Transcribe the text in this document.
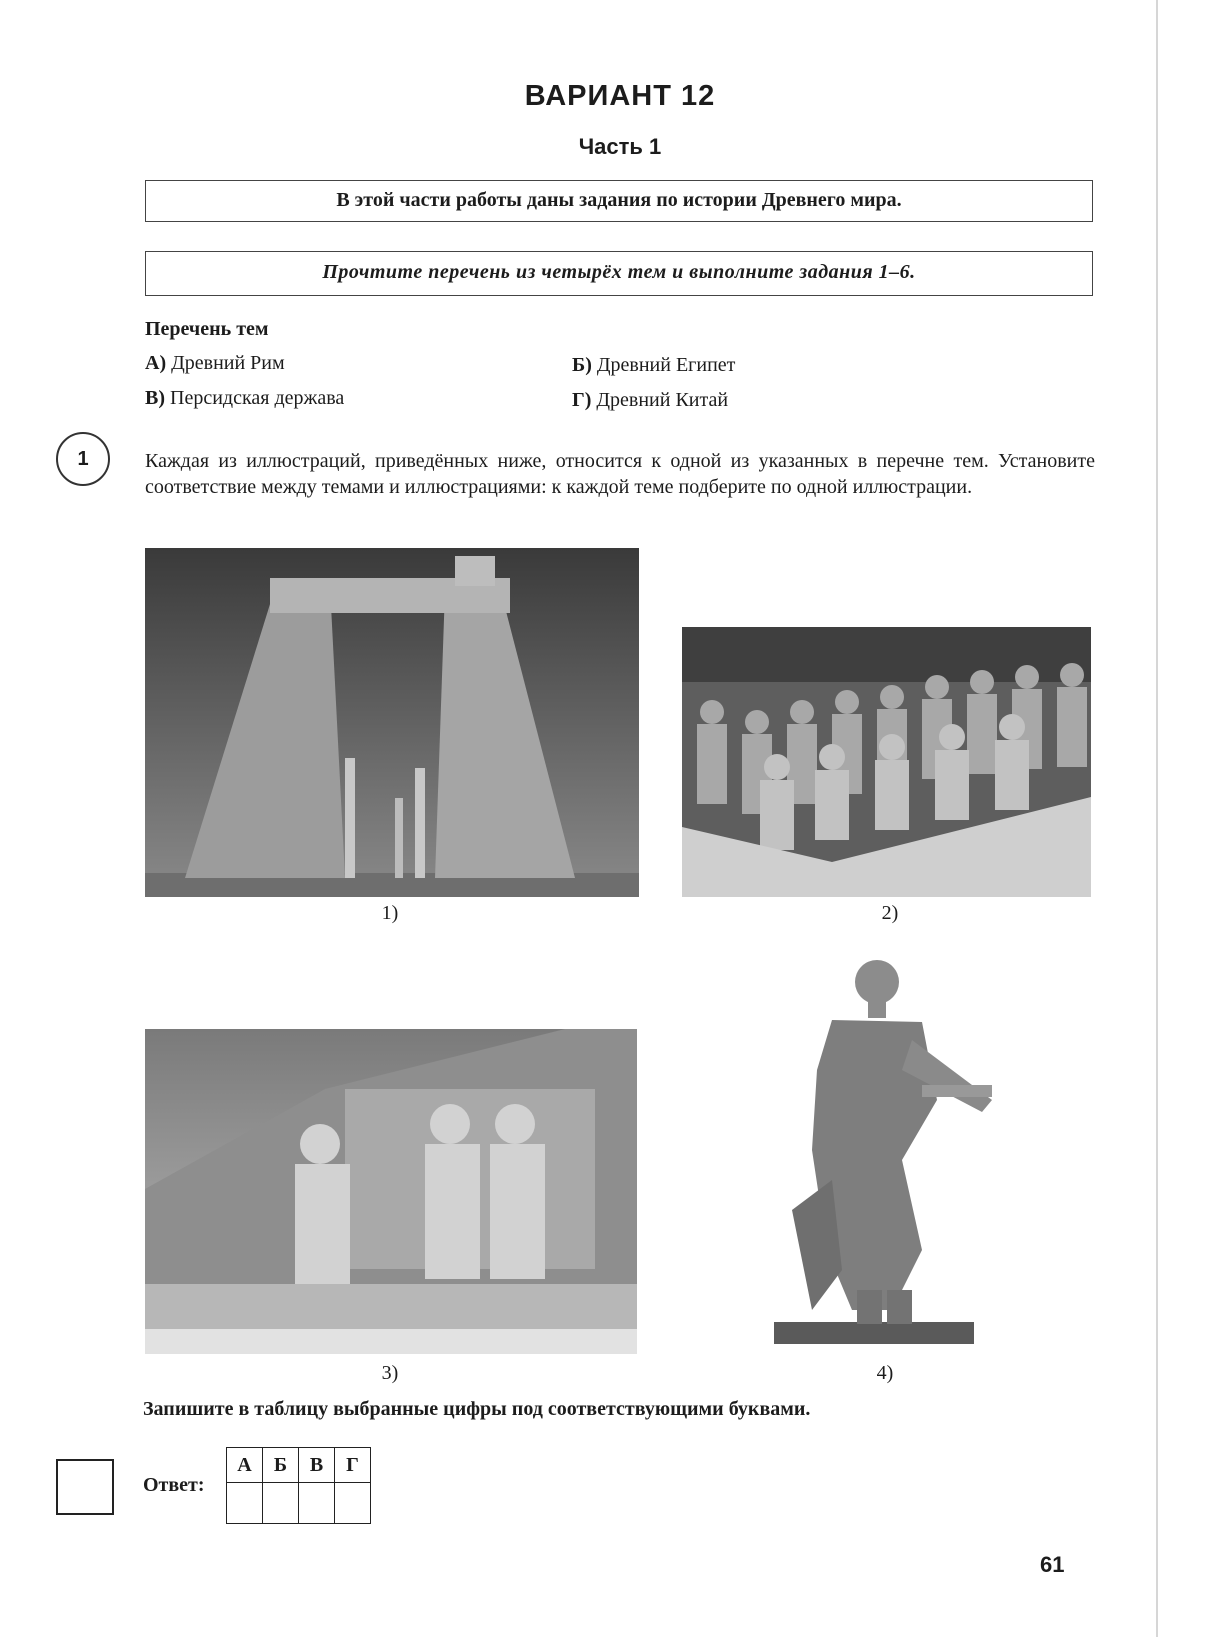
ВАРИАНТ 12
Часть 1
В этой части работы даны задания по истории Древнего мира.
Прочтите перечень из четырёх тем и выполните задания 1–6.
Перечень тем
А) Древний Рим	Б) Древний Египет
В) Персидская держава	Г) Древний Китай
1	Каждая из иллюстраций, приведённых ниже, относится к одной из указанных в перечне тем. Установите соответствие между темами и иллюстрациями: к каждой теме подберите по одной иллюстрации.
1)	2)
3)	4)
Запишите в таблицу выбранные цифры под соответствующими буквами.
Ответ:
А	Б	В	Г

61
